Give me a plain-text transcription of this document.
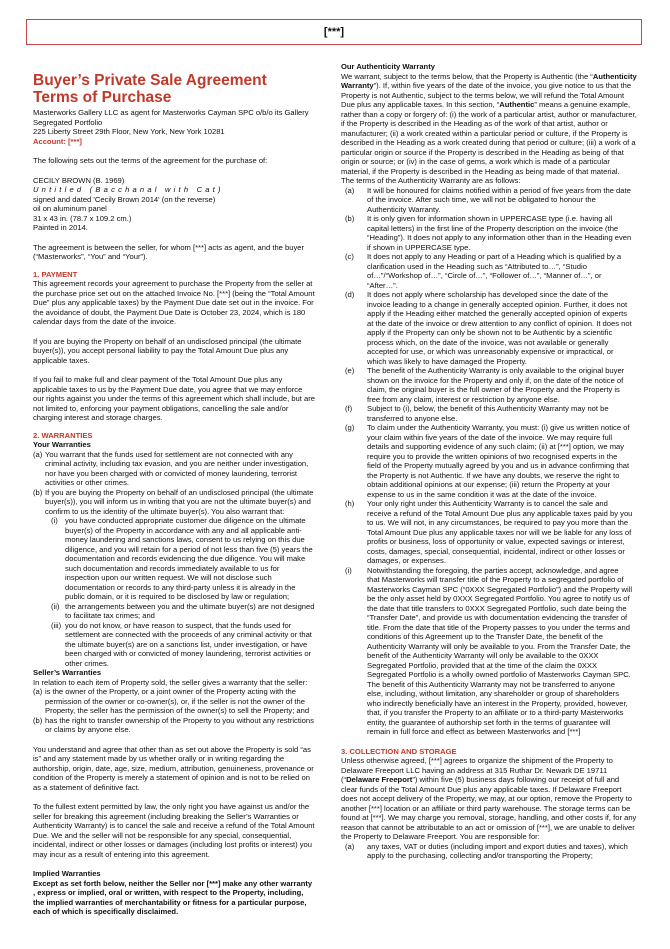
[***]

Buyer’s Private Sale Agreement Terms of Purchase

Masterworks Gallery LLC as agent for Masterworks Cayman SPC o/b/o its Gallery

Segregated Portfolio

225 Liberty Street 29th Floor, New York, New York 10281

Account: [***]

The following sets out the terms of the agreement for the purchase of:

CECILY BROWN (B. 1969)

Untitled (Bacchanal with Cat)

signed and dated 'Cecily Brown 2014' (on the reverse)

oil on aluminum panel

31 x 43 in. (78.7 x 109.2 cm.)

Painted in 2014.

The agreement is between the seller, for whom [***] acts as agent, and the buyer (“Masterworks”, “You” and “Your”).

1. PAYMENT

This agreement records your agreement to purchase the Property from the seller at the purchase price set out on the attached Invoice No. [***] (being the “Total Amount Due” plus any applicable taxes) by the Payment Due date set out in the invoice. For the avoidance of doubt, the Payment Due Date is October 23, 2024, which is 180 calendar days from the date of the invoice.

If you are buying the Property on behalf of an undisclosed principal (the ultimate buyer(s)), you accept personal liability to pay the Total Amount Due plus any applicable taxes.

If you fail to make full and clear payment of the Total Amount Due plus any applicable taxes to us by the Payment Due date, you agree that we may enforce our rights against you under the terms of this agreement which shall include, but are not limited to, enforcing your payment obligations, cancelling the sale and/or charging interest and storage charges.

2. WARRANTIES

Your Warranties

(a) You warrant that the funds used for settlement are not connected with any criminal activity, including tax evasion, and you are neither under investigation, nor have you been charged with or convicted of money laundering, terrorist activities or other crimes.
(b) If you are buying the Property on behalf of an undisclosed principal (the ultimate buyer(s)), you will inform us in writing that you are not the ultimate buyer(s) and confirm to us the identity of the ultimate buyer(s). You also warrant that:
(i) you have conducted appropriate customer due diligence on the ultimate buyer(s) of the Property in accordance with any and all applicable anti-money laundering and sanctions laws, consent to us relying on this due diligence, and you will retain for a period of not less than five (5) years the documentation and records evidencing the due diligence. You will make such documentation and records immediately available to us for inspection upon our written request. We will not disclose such documentation or records to any third-party unless it is already in the public domain, or it is required to be disclosed by law or regulation;
(ii) the arrangements between you and the ultimate buyer(s) are not designed to facilitate tax crimes; and
(iii) you do not know, or have reason to suspect, that the funds used for settlement are connected with the proceeds of any criminal activity or that the ultimate buyer(s) are on a sanctions list, under investigation, or have been charged with or convicted of money laundering, terrorist activities or other crimes.

Seller’s Warranties

In relation to each item of Property sold, the seller gives a warranty that the seller:

(a) is the owner of the Property, or a joint owner of the Property acting with the permission of the owner or co-owner(s), or, if the seller is not the owner of the Property, the seller has the permission of the owner(s) to sell the Property; and
(b) has the right to transfer ownership of the Property to you without any restrictions or claims by anyone else.

You understand and agree that other than as set out above the Property is sold “as is” and any statement made by us whether orally or in writing regarding the authorship, origin, date, age, size, medium, attribution, genuineness, provenance or condition of the Property is merely a statement of opinion and is not to be relied on as a statement of definitive fact.

To the fullest extent permitted by law, the only right you have against us and/or the seller for breaking this agreement (including breaking the Seller’s Warranties or Authenticity Warranty) is to cancel the sale and receive a refund of the Total Amount Due. We and the seller will not be responsible for any special, consequential, incidental, indirect or other losses or damages (including lost profits or interest) you may incur as a result of entering into this agreement.

Implied Warranties

Except as set forth below, neither the Seller nor [***] make any other warranty , express or implied, oral or written, with respect to the Property, including, the implied warranties of merchantability or fitness for a particular purpose, each of which is specifically disclaimed.

Our Authenticity Warranty

We warrant, subject to the terms below, that the Property is Authentic (the “Authenticity Warranty”). If, within five years of the date of the invoice, you give notice to us that the Property is not Authentic, subject to the terms below, we will refund the Total Amount Due plus any applicable taxes. In this section, “Authentic” means a genuine example, rather than a copy or forgery of: (i) the work of a particular artist, author or manufacturer, if the Property is described in the Heading as of the work of that artist, author or manufacturer; (ii) a work created within a particular period or culture, if the Property is described in the Heading as a work created during that period or culture; (iii) a work of a particular origin or source if the Property is described in the Heading as being of that origin or source; or (iv) in the case of gems, a work which is made of a particular material, if the Property is described in the Heading as being made of that material.

The terms of the Authenticity Warranty are as follows:

(a)	It will be honoured for claims notified within a period of five years from the date of the invoice. After such time, we will not be obligated to honour the Authenticity Warranty.
(b)	It is only given for information shown in UPPERCASE type (i.e. having all capital letters) in the first line of the Property description on the invoice (the “Heading”). It does not apply to any information other than in the Heading even if shown in UPPERCASE type.
(c)	It does not apply to any Heading or part of a Heading which is qualified by a clarification used in the Heading such as “Attributed to…”, “Studio of…”/“Workshop of…”, “Circle of…”, “Follower of…”, “Manner of…”, or “After…”.
(d)	It does not apply where scholarship has developed since the date of the invoice leading to a change in generally accepted opinion. Further, it does not apply if the Heading either matched the generally accepted opinion of experts at the date of the invoice or drew attention to any conflict of opinion. It does not apply if the Property can only be shown not to be Authentic by a scientific process which, on the date of the invoice, was not available or generally accepted for use, or which was unreasonably expensive or impractical, or which was likely to have damaged the Property.
(e)	The benefit of the Authenticity Warranty is only available to the original buyer shown on the invoice for the Property and only if, on the date of the notice of claim, the original buyer is the full owner of the Property and the Property is free from any claim, interest or restriction by anyone else.
(f)	Subject to (i), below, the benefit of this Authenticity Warranty may not be transferred to anyone else.
(g)	To claim under the Authenticity Warranty, you must: (i) give us written notice of your claim within five years of the date of the invoice. We may require full details and supporting evidence of any such claim; (ii) at [***] option, we may require you to provide the written opinions of two recognised experts in the field of the Property mutually agreed by you and us in advance confirming that the Property is not Authentic. If we have any doubts, we reserve the right to obtain additional opinions at our expense; (iii) return the Property at your expense to us in the same condition it was at the date of the invoice.
(h)	Your only right under this Authenticity Warranty is to cancel the sale and receive a refund of the Total Amount Due plus any applicable taxes paid by you to us. We will not, in any circumstances, be required to pay you more than the Total Amount Due plus any applicable taxes nor will we be liable for any loss of profits or business, loss of opportunity or value, expected savings or interest, costs, damages, special, consequential, incidental, indirect or other losses or damages, or expenses.
(i)	Notwithstanding the foregoing, the parties accept, acknowledge, and agree that Masterworks will transfer title of the Property to a segregated portfolio of Masterworks Cayman SPC (“0XXX Segregated Portfolio”) and the Property will be the only asset held by 0XXX Segregated Portfolio. You agree to notify us of the date that title transfers to 0XXX Segregated Portfolio, such date being the “Transfer Date”, and provide us with documentation evidencing the transfer of title. From the date that title of the Property passes to you under the terms and conditions of this Agreement up to the Transfer Date, the benefit of the Authenticity Warranty will only be available to you. From the Transfer Date, the benefit of the Authenticity Warranty will only be available to the 0XXX Segregated Portfolio, provided that at the time of the claim the 0XXX Segregated Portfolio is a wholly owned portfolio of Masterworks Cayman SPC. The benefit of this Authenticity Warranty may not be transferred to anyone else, including, without limitation, any shareholder or group of shareholders who indirectly beneficially have an interest in the Property, provided, however, that, if you transfer the Property to an affiliate or to a third-party Masterworks entity, the guarantee of authorship set forth in the terms of guarantee will remain in full force and effect as between Masterworks and [***]

3. COLLECTION AND STORAGE

Unless otherwise agreed, [***] agrees to organize the shipment of the Property to Delaware Freeport LLC having an address at 315 Ruthar Dr. Newark DE 19711 (“Delaware Freeport”) within five (5) business days following our receipt of full and clear funds of the Total Amount Due plus any applicable taxes. If Delaware Freeport does not accept delivery of the Property, we may, at our option, remove the Property to another [***] location or an affiliate or third party warehouse. The storage terms can be found at [***]. We may charge you removal, storage, handling, and other costs if, for any reason that cannot be attributable to an act or omission of [***], we are unable to deliver the Property to Delaware Freeport. You are responsible for:

(a)	any taxes, VAT or duties (including import and export duties and taxes), which apply to the purchasing, collecting and/or transporting the Property;
